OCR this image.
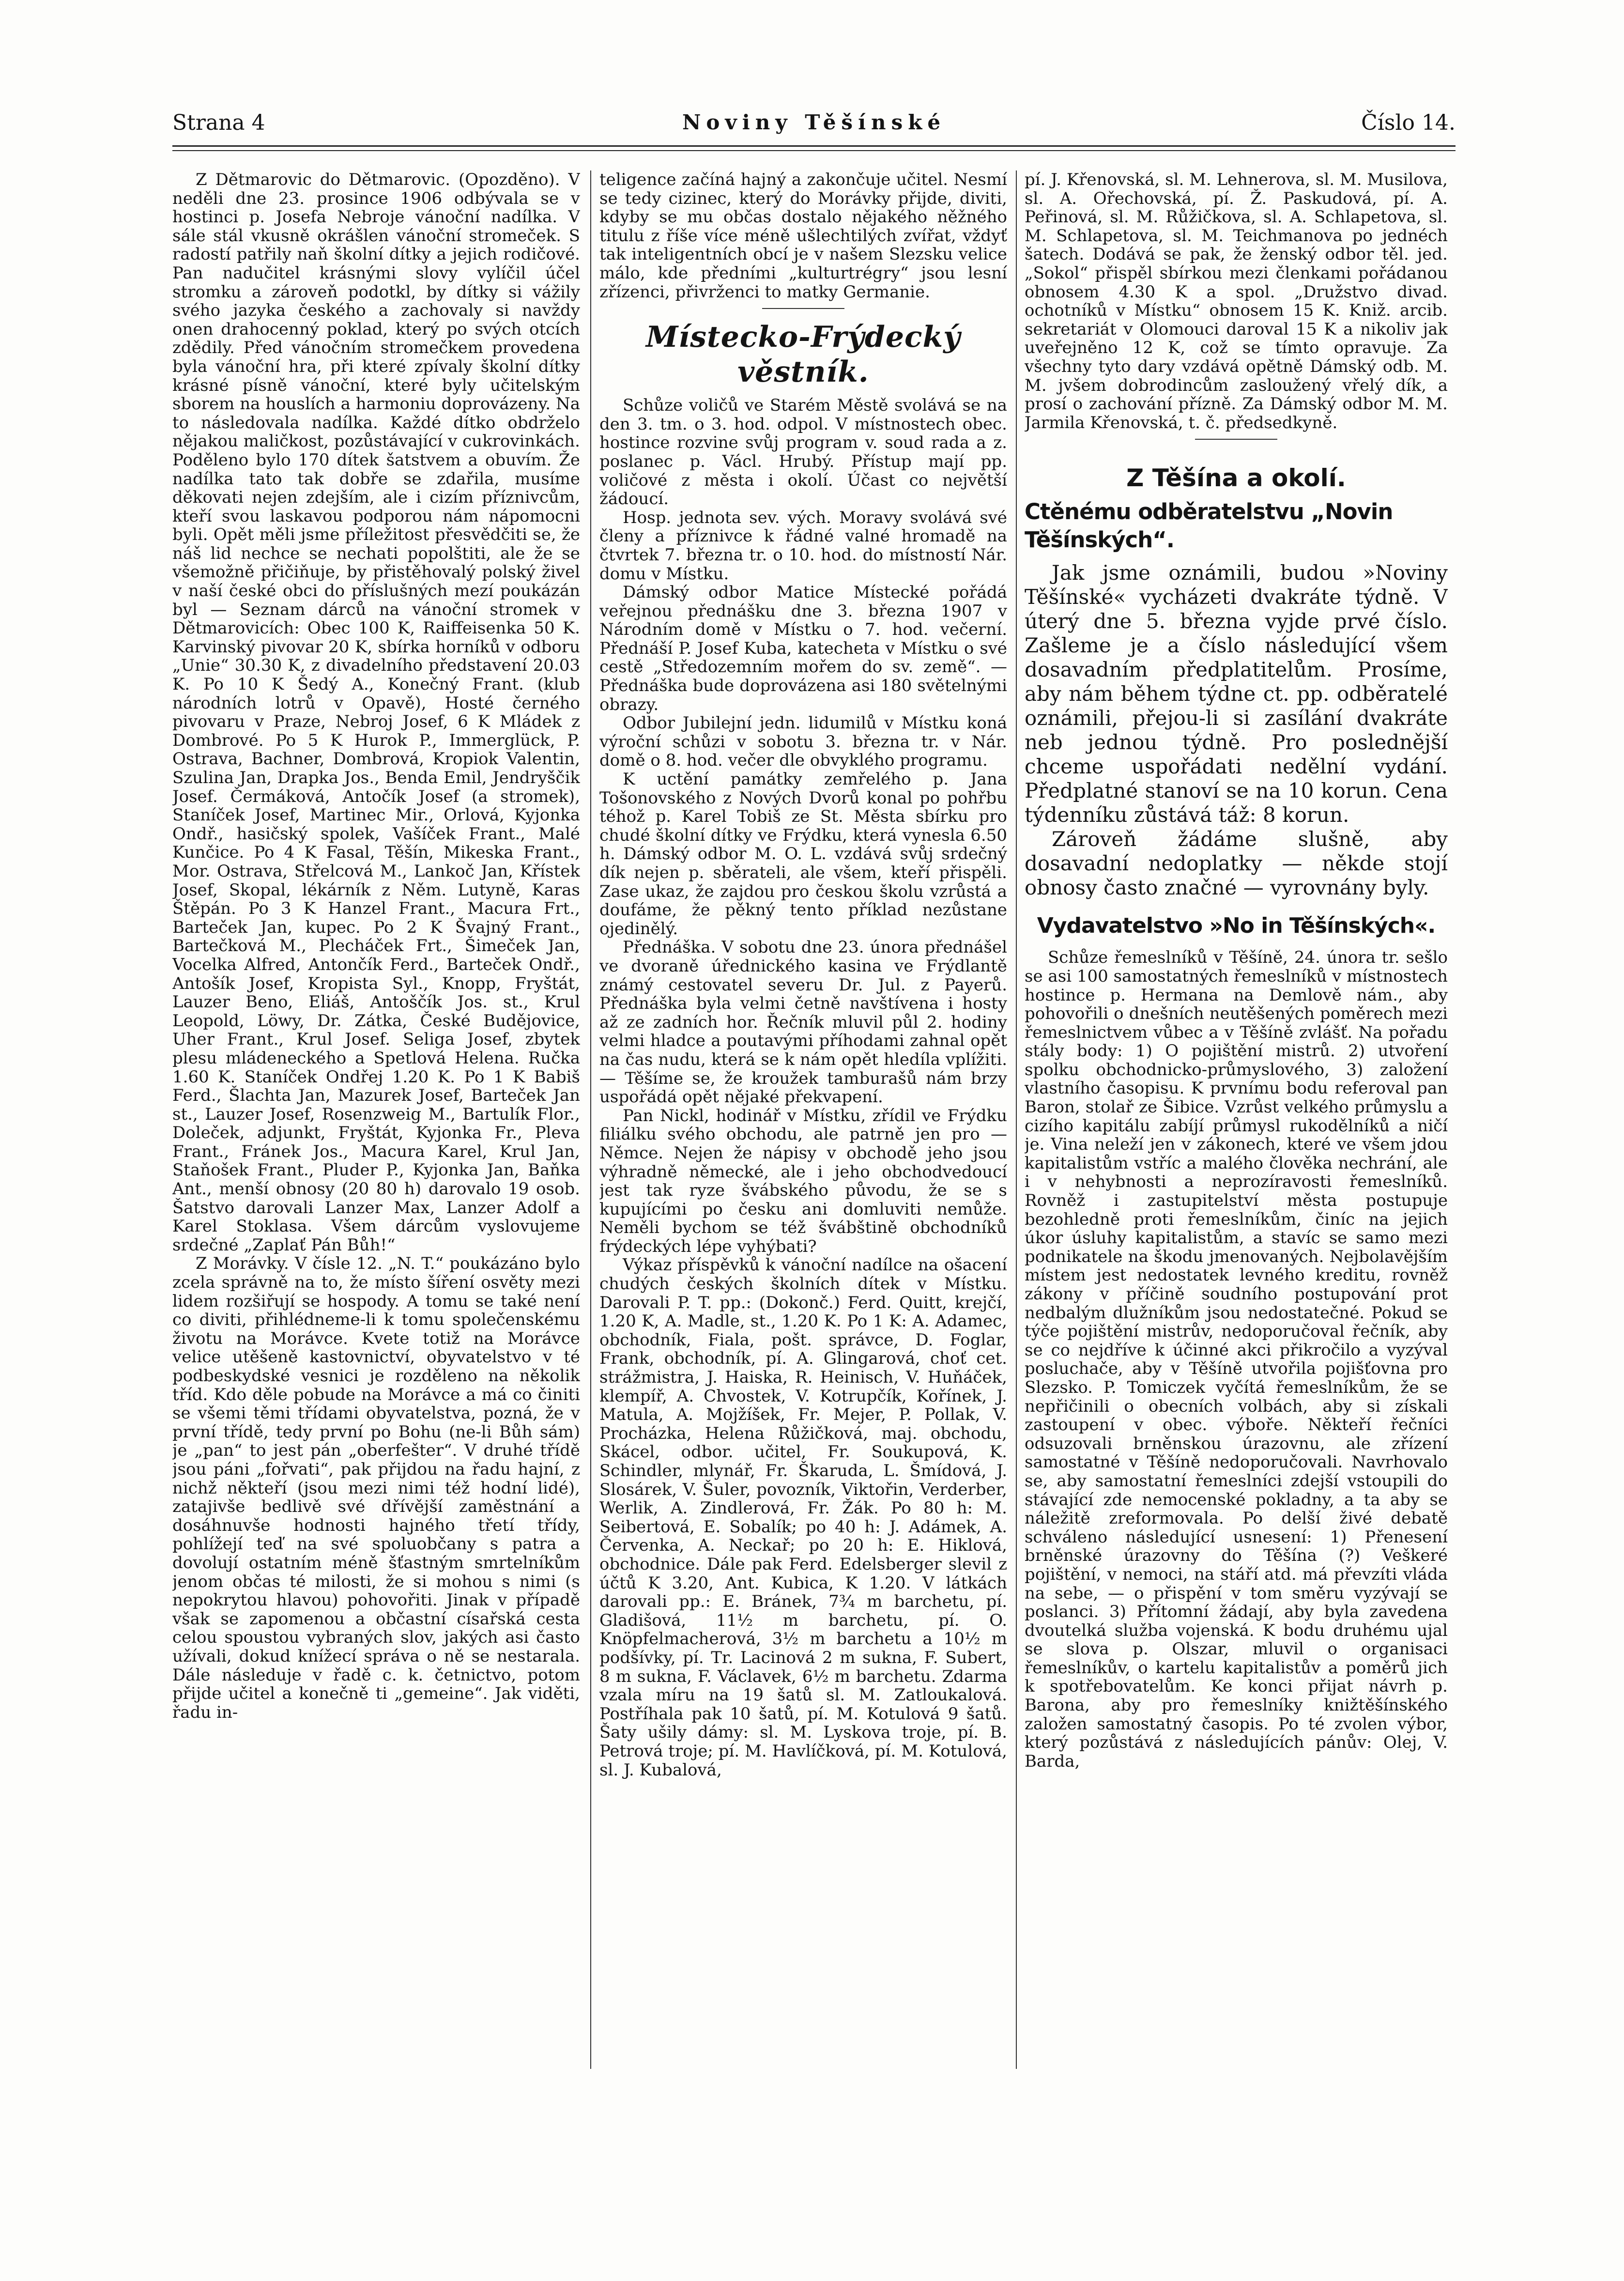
Strana 4	Noviny Těšínské	Číslo 14.

Z Dětmarovic do Dětmarovic. (Opozděno). V neděli dne 23. prosince 1906 odbývala se v hostinci p. Josefa Nebroje vánoční nadílka. V sále stál vkusně okrášlen vánoční stromeček. S radostí patřily naň školní dítky a jejich rodičové. Pan nadučitel krásnými slovy vylíčil účel stromku a zároveň podotkl, by dítky si vážily svého jazyka českého a zachovaly si navždy onen drahocenný poklad, který po svých otcích zdědily. Před vánočním stromečkem provedena byla vánoční hra, při které zpívaly školní dítky krásné písně vánoční, které byly učitelským sborem na houslích a harmoniu doprovázeny. Na to následovala nadílka. Každé dítko obdrželo nějakou maličkost, pozůstávající v cukrovinkách. Poděleno bylo 170 dítek šatstvem a obuvím. Že nadílka tato tak dobře se zdařila, musíme děkovati nejen zdejším, ale i cizím příznivcům, kteří svou laskavou podporou nám nápomocni byli. Opět měli jsme příležitost přesvědčiti se, že náš lid nechce se nechati popolštiti, ale že se všemožně přičiňuje, by přistěhovalý polský živel v naší české obci do příslušných mezí poukázán byl — Seznam dárců na vánoční stromek v Dětmarovicích: Obec 100 K, Raiffeisenka 50 K. Karvinský pivovar 20 K, sbírka horníků v odboru „Unie“ 30.30 K, z divadelního představení 20.03 K. Po 10 K Šedý A., Konečný Frant. (klub národních lotrů v Opavě), Hosté černého pivovaru v Praze, Nebroj Josef, 6 K Mládek z Dombrové. Po 5 K Hurok P., Immerglück, P. Ostrava, Bachner, Dombrová, Kropiok Valentin, Szulina Jan, Drapka Jos., Benda Emil, Jendryščik Josef. Čermáková, Antočík Josef (a stromek), Staníček Josef, Martinec Mir., Orlová, Kyjonka Ondř., hasičský spolek, Vašíček Frant., Malé Kunčice. Po 4 K Fasal, Těšín, Mikeska Frant., Mor. Ostrava, Střelcová M., Lankoč Jan, Křístek Josef, Skopal, lékárník z Něm. Lutyně, Karas Štěpán. Po 3 K Hanzel Frant., Macura Frt., Barteček Jan, kupec. Po 2 K Švajný Frant., Bartečková M., Plecháček Frt., Šimeček Jan, Vocelka Alfred, Antončík Ferd., Barteček Ondř., Antošík Josef, Kropista Syl., Knopp, Fryštát, Lauzer Beno, Eliáš, Antoščík Jos. st., Krul Leopold, Löwy, Dr. Zátka, České Budějovice, Uher Frant., Krul Josef. Seliga Josef, zbytek plesu mládeneckého a Spetlová Helena. Ručka 1.60 K. Staníček Ondřej 1.20 K. Po 1 K Babiš Ferd., Šlachta Jan, Mazurek Josef, Barteček Jan st., Lauzer Josef, Rosenzweig M., Bartulík Flor., Doleček, adjunkt, Fryštát, Kyjonka Fr., Pleva Frant., Fránek Jos., Macura Karel, Krul Jan, Staňošek Frant., Pluder P., Kyjonka Jan, Baňka Ant., menší obnosy (20 80 h) darovalo 19 osob. Šatstvo darovali Lanzer Max, Lanzer Adolf a Karel Stoklasa. Všem dárcům vyslovujeme srdečné „Zaplať Pán Bůh!“

Z Morávky. V čísle 12. „N. T.“ poukázáno bylo zcela správně na to, že místo šíření osvěty mezi lidem rozšiřují se hospody. A tomu se také není co diviti, přihlédneme-li k tomu společenskému životu na Morávce. Kvete totiž na Morávce velice utěšeně kastovnictví, obyvatelstvo v té podbeskydské vesnici je rozděleno na několik tříd. Kdo děle pobude na Morávce a má co činiti se všemi těmi třídami obyvatelstva, pozná, že v první třídě, tedy první po Bohu (ne-li Bůh sám) je „pan“ to jest pán „oberfešter“. V druhé třídě jsou páni „fořvati“, pak přijdou na řadu hajní, z nichž někteří (jsou mezi nimi též hodní lidé), zatajivše bedlivě své dřívější zaměstnání a dosáhnuvše hodnosti hajného třetí třídy, pohlížejí teď na své spoluobčany s patra a dovolují ostatním méně šťastným smrtelníkům jenom občas té milosti, že si mohou s nimi (s nepokrytou hlavou) pohovořiti. Jinak v případě však se zapomenou a občastní císařská cesta celou spoustou vybraných slov, jakých asi často užívali, dokud knížecí správa o ně se nestarala. Dále následuje v řadě c. k. četnictvo, potom přijde učitel a konečně ti „gemeine“. Jak viděti, řadu in-

teligence začíná hajný a zakončuje učitel. Nesmí se tedy cizinec, který do Morávky přijde, diviti, kdyby se mu občas dostalo nějakého něžného titulu z říše více méně ušlechtilých zvířat, vždyť tak inteligentních obcí je v našem Slezsku velice málo, kde předními „kulturtrégry“ jsou lesní zřízenci, přivrženci to matky Germanie.

Místecko-Frýdecký věstník.

Schůze voličů ve Starém Městě svolává se na den 3. tm. o 3. hod. odpol. V místnostech obec. hostince rozvine svůj program v. soud rada a z. poslanec p. Václ. Hrubý. Přístup mají pp. voličové z města i okolí. Účast co největší žádoucí.

Hosp. jednota sev. vých. Moravy svolává své členy a příznivce k řádné valné hromadě na čtvrtek 7. března tr. o 10. hod. do místností Nár. domu v Místku.

Dámský odbor Matice Místecké pořádá veřejnou přednášku dne 3. března 1907 v Národním domě v Místku o 7. hod. večerní. Přednáší P. Josef Kuba, katecheta v Místku o své cestě „Středozemním mořem do sv. země“. — Přednáška bude doprovázena asi 180 světelnými obrazy.

Odbor Jubilejní jedn. lidumilů v Místku koná výroční schůzi v sobotu 3. března tr. v Nár. domě o 8. hod. večer dle obvyklého programu.

K uctění památky zemřelého p. Jana Tošonovského z Nových Dvorů konal po pohřbu téhož p. Karel Tobiš ze St. Města sbírku pro chudé školní dítky ve Frýdku, která vynesla 6.50 h. Dámský odbor M. O. L. vzdává svůj srdečný dík nejen p. sběrateli, ale všem, kteří přispěli. Zase ukaz, že zajdou pro českou školu vzrůstá a doufáme, že pěkný tento příklad nezůstane ojedinělý.

Přednáška. V sobotu dne 23. února přednášel ve dvoraně úřednického kasina ve Frýdlantě známý cestovatel severu Dr. Jul. z Payerů. Přednáška byla velmi četně navštívena i hosty až ze zadních hor. Řečník mluvil půl 2. hodiny velmi hladce a poutavými příhodami zahnal opět na čas nudu, která se k nám opět hledíla vplížiti. — Těšíme se, že kroužek tamburašů nám brzy uspořádá opět nějaké překvapení.

Pan Nickl, hodinář v Místku, zřídil ve Frýdku filiálku svého obchodu, ale patrně jen pro — Němce. Nejen že nápisy v obchodě jeho jsou výhradně německé, ale i jeho obchodvedoucí jest tak ryze švábského původu, že se s kupujícími po česku ani domluviti nemůže. Neměli bychom se též švábštině obchodníků frýdeckých lépe vyhýbati?

Výkaz příspěvků k vánoční nadílce na ošacení chudých českých školních dítek v Místku. Darovali P. T. pp.: (Dokonč.) Ferd. Quitt, krejčí, 1.20 K, A. Madle, st., 1.20 K. Po 1 K: A. Adamec, obchodník, Fiala, pošt. správce, D. Foglar, Frank, obchodník, pí. A. Glingarová, choť cet. strážmistra, J. Haiska, R. Heinisch, V. Huňáček, klempíř, A. Chvostek, V. Kotrupčík, Kořínek, J. Matula, A. Mojžíšek, Fr. Mejer, P. Pollak, V. Procházka, Helena Růžičková, maj. obchodu, Skácel, odbor. učitel, Fr. Soukupová, K. Schindler, mlynář, Fr. Škaruda, L. Šmídová, J. Slosárek, V. Šuler, povozník, Viktořin, Verderber, Werlik, A. Zindlerová, Fr. Žák. Po 80 h: M. Seibertová, E. Sobalík; po 40 h: J. Adámek, A. Červenka, A. Neckař; po 20 h: E. Hiklová, obchodnice. Dále pak Ferd. Edelsberger slevil z účtů K 3.20, Ant. Kubica, K 1.20. V látkách darovali pp.: E. Bránek, 7¾ m barchetu, pí. Gladišová, 11½ m barchetu, pí. O. Knöpfelmacherová, 3½ m barchetu a 10½ m podšívky, pí. Tr. Lacinová 2 m sukna, F. Subert, 8 m sukna, F. Václavek, 6½ m barchetu. Zdarma vzala míru na 19 šatů sl. M. Zatloukalová. Postříhala pak 10 šatů, pí. M. Kotulová 9 šatů. Šaty ušily dámy: sl. M. Lyskova troje, pí. B. Petrová troje; pí. M. Havlíčková, pí. M. Kotulová, sl. J. Kubalová,

pí. J. Křenovská, sl. M. Lehnerova, sl. M. Musilova, sl. A. Ořechovská, pí. Ž. Paskudová, pí. A. Peřinová, sl. M. Růžičkova, sl. A. Schlapetova, sl. M. Schlapetova, sl. M. Teichmanova po jednéch šatech. Dodává se pak, že ženský odbor těl. jed. „Sokol“ přispěl sbírkou mezi členkami pořádanou obnosem 4.30 K a spol. „Družstvo divad. ochotníků v Místku“ obnosem 15 K. Kniž. arcib. sekretariát v Olomouci daroval 15 K a nikoliv jak uveřejněno 12 K, což se tímto opravuje. Za všechny tyto dary vzdává opětně Dámský odb. M. M. jvšem dobrodincům zasloužený vřelý dík, a prosí o zachování přízně. Za Dámský odbor M. M. Jarmila Křenovská, t. č. předsedkyně.

Z Těšína a okolí.
Ctěnému odběratelstvu „Novin Těšínských“.

Jak jsme oznámili, budou »Noviny Těšínské« vycházeti dvakráte týdně. V úterý dne 5. března vyjde prvé číslo. Zašleme je a číslo následující všem dosavadním předplatitelům. Prosíme, aby nám během týdne ct. pp. odběratelé oznámili, přejou-li si zasílání dvakráte neb jednou týdně. Pro poslednější chceme uspořádati nedělní vydání. Předplatné stanoví se na 10 korun. Cena týdenníku zůstává táž: 8 korun.

Zároveň žádáme slušně, aby dosavadní nedoplatky — někde stojí obnosy často značné — vyrovnány byly.

Vydavatelstvo »No in Těšínských«.

Schůze řemeslníků v Těšíně, 24. února tr. sešlo se asi 100 samostatných řemeslníků v místnostech hostince p. Hermana na Demlově nám., aby pohovořili o dnešních neutěšených poměrech mezi řemeslnictvem vůbec a v Těšíně zvlášť. Na pořadu stály body: 1) O pojištění mistrů. 2) utvoření spolku obchodnicko-průmyslového, 3) založení vlastního časopisu. K prvnímu bodu referoval pan Baron, stolař ze Šibice. Vzrůst velkého průmyslu a cizího kapitálu zabíjí průmysl rukodělníků a ničí je. Vina neleží jen v zákonech, které ve všem jdou kapitalistům vstříc a malého člověka nechrání, ale i v nehybnosti a neprozíravosti řemeslníků. Rovněž i zastupitelství města postupuje bezohledně proti řemeslníkům, činíc na jejich úkor úsluhy kapitalistům, a stavíc se samo mezi podnikatele na škodu jmenovaných. Nejbolavějším místem jest nedostatek levného kreditu, rovněž zákony v příčině soudního postupování prot nedbalým dlužníkům jsou nedostatečné. Pokud se týče pojištění mistrův, nedoporučoval řečník, aby se co nejdříve k účinné akci přikročilo a vyzýval posluchače, aby v Těšíně utvořila pojišťovna pro Slezsko. P. Tomiczek vyčítá řemeslníkům, že se nepřičinili o obecních volbách, aby si získali zastoupení v obec. výboře. Někteří řečníci odsuzovali brněnskou úrazovnu, ale zřízení samostatné v Těšíně nedoporučovali. Navrhovalo se, aby samostatní řemeslníci zdejší vstoupili do stávající zde nemocenské pokladny, a ta aby se náležitě zreformovala. Po delší živé debatě schváleno následující usnesení: 1) Přenesení brněnské úrazovny do Těšína (?) Veškeré pojištění, v nemoci, na stáří atd. má převzíti vláda na sebe, — o přispění v tom směru vyzývají se poslanci. 3) Přítomní žádají, aby byla zavedena dvoutelká služba vojenská. K bodu druhému ujal se slova p. Olszar, mluvil o organisaci řemeslníkův, o kartelu kapitalistův a poměrů jich k spotřebovatelům. Ke konci přijat návrh p. Barona, aby pro řemeslníky knižtěšínského založen samostatný časopis. Po té zvolen výbor, který pozůstává z následujících pánův: Olej, V. Barda,
